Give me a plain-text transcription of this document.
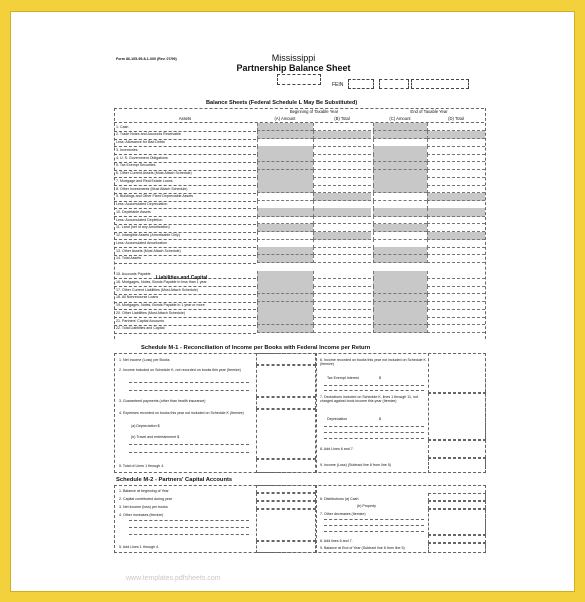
Form 86-105-99-8-1-000 (Rev. 07/99)	Mississippi
Partnership Balance Sheet
FEIN
Balance Sheets (Federal Schedule L May Be Substituted)
Beginning of Taxable Year	End of Taxable Year
Assets	(A) Amount	(B) Total	(C) Amount	(D) Total
1. Cash
2. Trade Notes and Accounts Receivable
Less: Allowance for Bad Debts
3. Inventories
4. U. S. Government Obligations
5. Tax Exempt Securities
6. Other Current Assets (Must Attach Schedule)
7. Mortgage and Real Estate Loans
8. Other Investments (Must Attach Schedule)
9. Buildings and Other Fixed Depreciable Assets
Less: Accumulated Depreciation
10. Depletable Assets
Less: Accumulated Depletion
11. Land (net of any Amortization)
12. Intangible Assets (Amortizable Only)
Less: Accumulated Amortization
13. Other Assets (Must Attach Schedule)
14. Total Assets
15. Accounts Payable
16. Mortgages, Notes, Bonds Payable in less than 1 year
17. Other Current Liabilities (Must Attach Schedule)
18. All Nonrecourse Loans
19. Mortgages, Notes, Bonds Payable in 1 year or more
20. Other Liabilities (Must Attach Schedule)
21. Partners' Capital Accounts
22. Total Liabilities and Capital
Liabilities and Capital
Schedule M-1 - Reconciliation of Income per Books with Federal Income per Return
1. Net Income (Loss) per Books
2. Income included on Schedule K, not recorded on books this year (Itemize)
3. Guaranteed payments (other than health insurance)
4. Expenses recorded on books this year not included on Schedule K (Itemize)
(a) Depreciation $
(b) Travel and entertainment $
5. Total of Lines 1 through 4.
6. Income recorded on books this year not included on Schedule K (Itemize)
Tax Exempt Interest	$
7. Deductions included on Schedule K, lines 1 through 11, not charged against book income this year (Itemize)
Depreciation	$
8. Add Lines 6 and 7.
9. Income (Loss) (Subtract line 8 from line 5)
Schedule M-2 - Partners' Capital Accounts
1. Balance at beginning of Year
2. Capital contributed during year
3. Net income (loss) per books
4. Other increases (Itemize)
5. Add Lines 1 through 4.
6. Distributions (a) Cash
(b) Property
7. Other decreases (Itemize)
8. Add lines 6 and 7.
9. Balance at End of Year (Subtract line 8 from line 5)
www.templates.pdfsheets.com
